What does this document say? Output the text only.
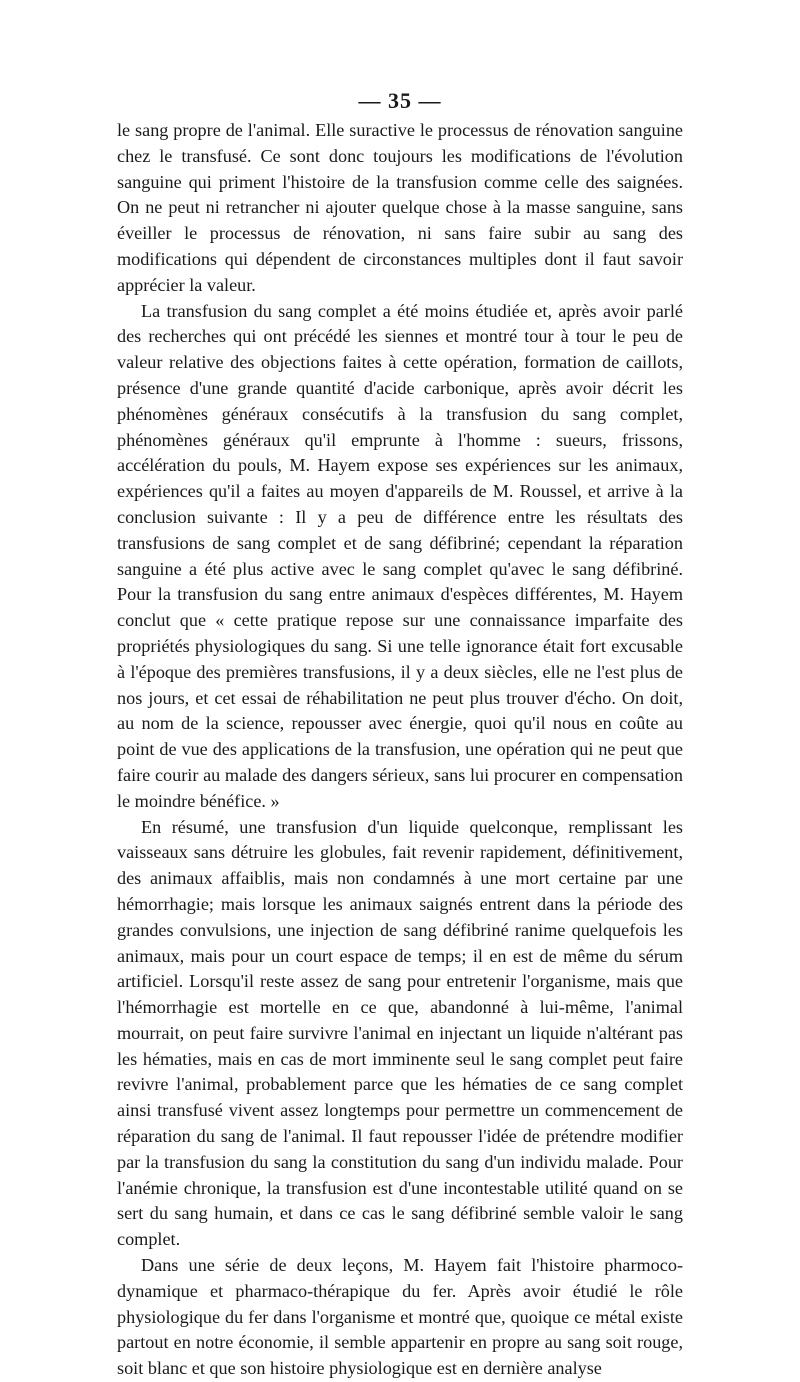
— 35 —

le sang propre de l'animal. Elle suractive le processus de rénovation sanguine chez le transfusé. Ce sont donc toujours les modifications de l'évolution sanguine qui priment l'histoire de la transfusion comme celle des saignées. On ne peut ni retrancher ni ajouter quelque chose à la masse sanguine, sans éveiller le processus de rénovation, ni sans faire subir au sang des modifications qui dépendent de circonstances multiples dont il faut savoir apprécier la valeur.

La transfusion du sang complet a été moins étudiée et, après avoir parlé des recherches qui ont précédé les siennes et montré tour à tour le peu de valeur relative des objections faites à cette opération, formation de caillots, présence d'une grande quantité d'acide carbonique, après avoir décrit les phénomènes généraux consécutifs à la transfusion du sang complet, phénomènes généraux qu'il emprunte à l'homme : sueurs, frissons, accélération du pouls, M. Hayem expose ses expériences sur les animaux, expériences qu'il a faites au moyen d'appareils de M. Roussel, et arrive à la conclusion suivante : Il y a peu de différence entre les résultats des transfusions de sang complet et de sang défibriné; cependant la réparation sanguine a été plus active avec le sang complet qu'avec le sang défibriné. Pour la transfusion du sang entre animaux d'espèces différentes, M. Hayem conclut que « cette pratique repose sur une connaissance imparfaite des propriétés physiologiques du sang. Si une telle ignorance était fort excusable à l'époque des premières transfusions, il y a deux siècles, elle ne l'est plus de nos jours, et cet essai de réhabilitation ne peut plus trouver d'écho. On doit, au nom de la science, repousser avec énergie, quoi qu'il nous en coûte au point de vue des applications de la transfusion, une opération qui ne peut que faire courir au malade des dangers sérieux, sans lui procurer en compensation le moindre bénéfice. »

En résumé, une transfusion d'un liquide quelconque, remplissant les vaisseaux sans détruire les globules, fait revenir rapidement, définitivement, des animaux affaiblis, mais non condamnés à une mort certaine par une hémorrhagie; mais lorsque les animaux saignés entrent dans la période des grandes convulsions, une injection de sang défibriné ranime quelquefois les animaux, mais pour un court espace de temps; il en est de même du sérum artificiel. Lorsqu'il reste assez de sang pour entretenir l'organisme, mais que l'hémorrhagie est mortelle en ce que, abandonné à lui-même, l'animal mourrait, on peut faire survivre l'animal en injectant un liquide n'altérant pas les hématies, mais en cas de mort imminente seul le sang complet peut faire revivre l'animal, probablement parce que les hématies de ce sang complet ainsi transfusé vivent assez longtemps pour permettre un commencement de réparation du sang de l'animal. Il faut repousser l'idée de prétendre modifier par la transfusion du sang la constitution du sang d'un individu malade. Pour l'anémie chronique, la transfusion est d'une incontestable utilité quand on se sert du sang humain, et dans ce cas le sang défibriné semble valoir le sang complet.

Dans une série de deux leçons, M. Hayem fait l'histoire pharmoco-dynamique et pharmaco-thérapique du fer. Après avoir étudié le rôle physiologique du fer dans l'organisme et montré que, quoique ce métal existe partout en notre économie, il semble appartenir en propre au sang soit rouge, soit blanc et que son histoire physiologique est en dernière analyse
